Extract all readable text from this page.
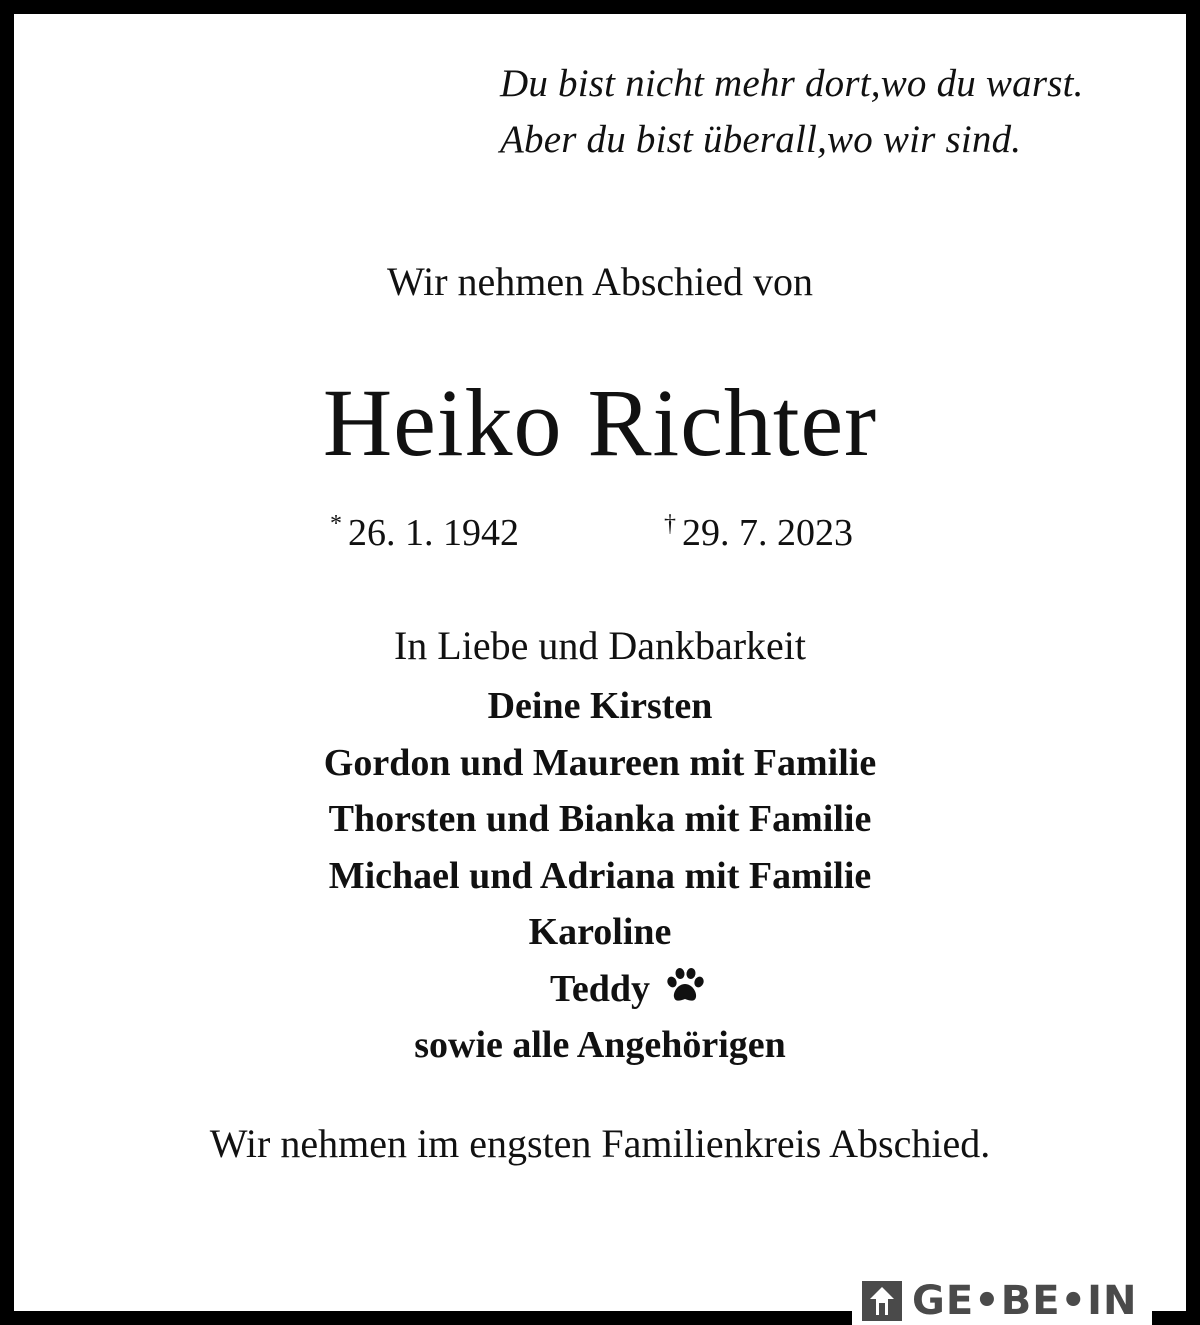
Du bist nicht mehr dort,wo du warst.
Aber du bist überall,wo wir sind.
Wir nehmen Abschied von
Heiko Richter
* 26. 1. 1942	† 29. 7. 2023
In Liebe und Dankbarkeit
Deine Kirsten
Gordon und Maureen mit Familie
Thorsten und Bianka mit Familie
Michael und Adriana mit Familie
Karoline
Teddy
sowie alle Angehörigen
Wir nehmen im engsten Familienkreis Abschied.
GE•BE•IN
